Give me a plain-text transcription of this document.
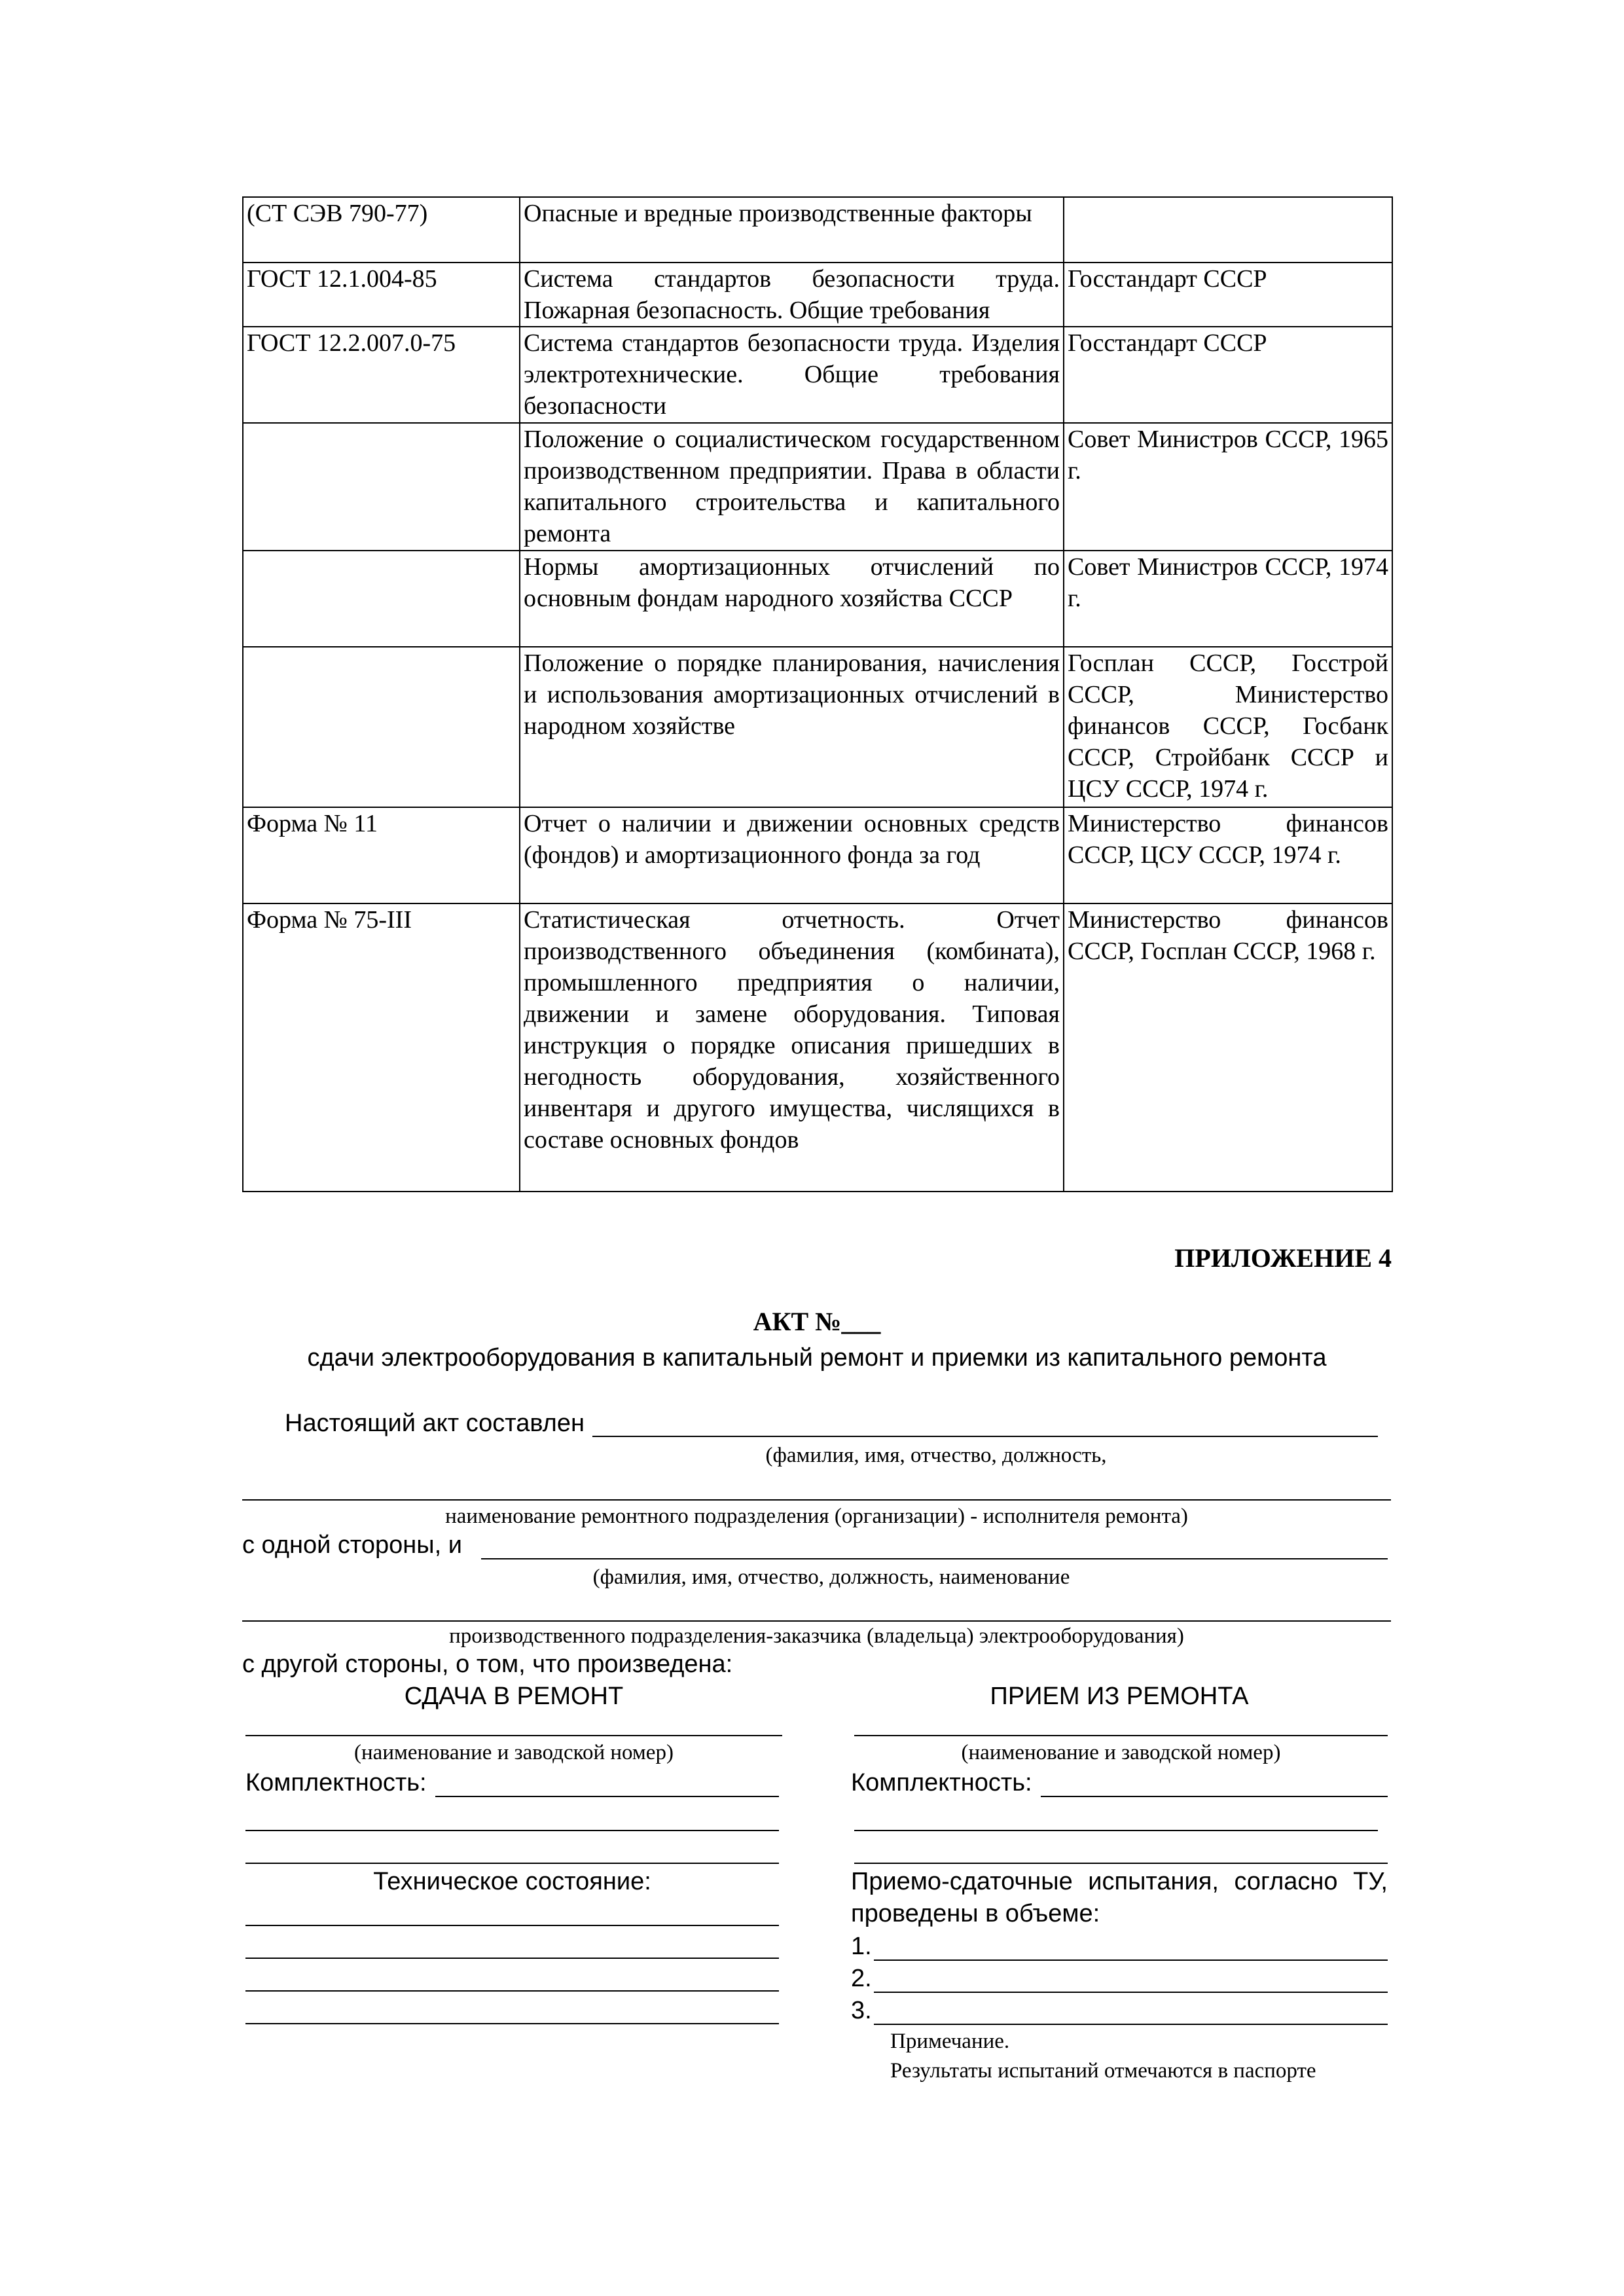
(СТ СЭВ 790-77)	Опасные и вредные производственные факторы	
ГОСТ 12.1.004-85	Система стандартов безопасности труда. Пожарная безопасность. Общие требования	Госстандарт СССР
ГОСТ 12.2.007.0-75	Система стандартов безопасности труда. Изделия электротехнические. Общие требования безопасности	Госстандарт СССР
	Положение о социалистическом государственном производственном предприятии. Права в области капитального строительства и капитального ремонта	Совет Министров СССР, 1965 г.
	Нормы амортизационных отчислений по основным фондам народного хозяйства СССР	Совет Министров СССР, 1974 г.
	Положение о порядке планирования, начисления и использования амортизационных отчислений в народном хозяйстве	Госплан СССР, Госстрой СССР, Министерство финансов СССР, Госбанк СССР, Стройбанк СССР и ЦСУ СССР, 1974 г.
Форма № 11	Отчет о наличии и движении основных средств (фондов) и амортизационного фонда за год	Министерство финансов СССР, ЦСУ СССР, 1974 г.
Форма № 75-III	Статистическая отчетность. Отчет производственного объединения (комбината), промышленного предприятия о наличии, движении и замене оборудования. Типовая инструкция о порядке описания пришедших в негодность оборудования, хозяйственного инвентаря и другого имущества, числящихся в составе основных фондов	Министерство финансов СССР, Госплан СССР, 1968 г.
ПРИЛОЖЕНИЕ 4
АКТ №___
сдачи электрооборудования в капитальный ремонт и приемки из капитального ремонта
Настоящий акт составлен
(фамилия, имя, отчество, должность,
наименование ремонтного подразделения (организации) - исполнителя ремонта)
с одной стороны, и
(фамилия, имя, отчество, должность, наименование
производственного подразделения-заказчика (владельца) электрооборудования)
с другой стороны, о том, что произведена:
СДАЧА В РЕМОНТ	ПРИЕМ ИЗ РЕМОНТА
(наименование и заводской номер)	(наименование и заводской номер)
Комплектность:	Комплектность:
Техническое состояние:	Приемо-сдаточные испытания, согласно ТУ,
проведены в объеме:
1.
2.
3.
Примечание.
Результаты испытаний отмечаются в паспорте
